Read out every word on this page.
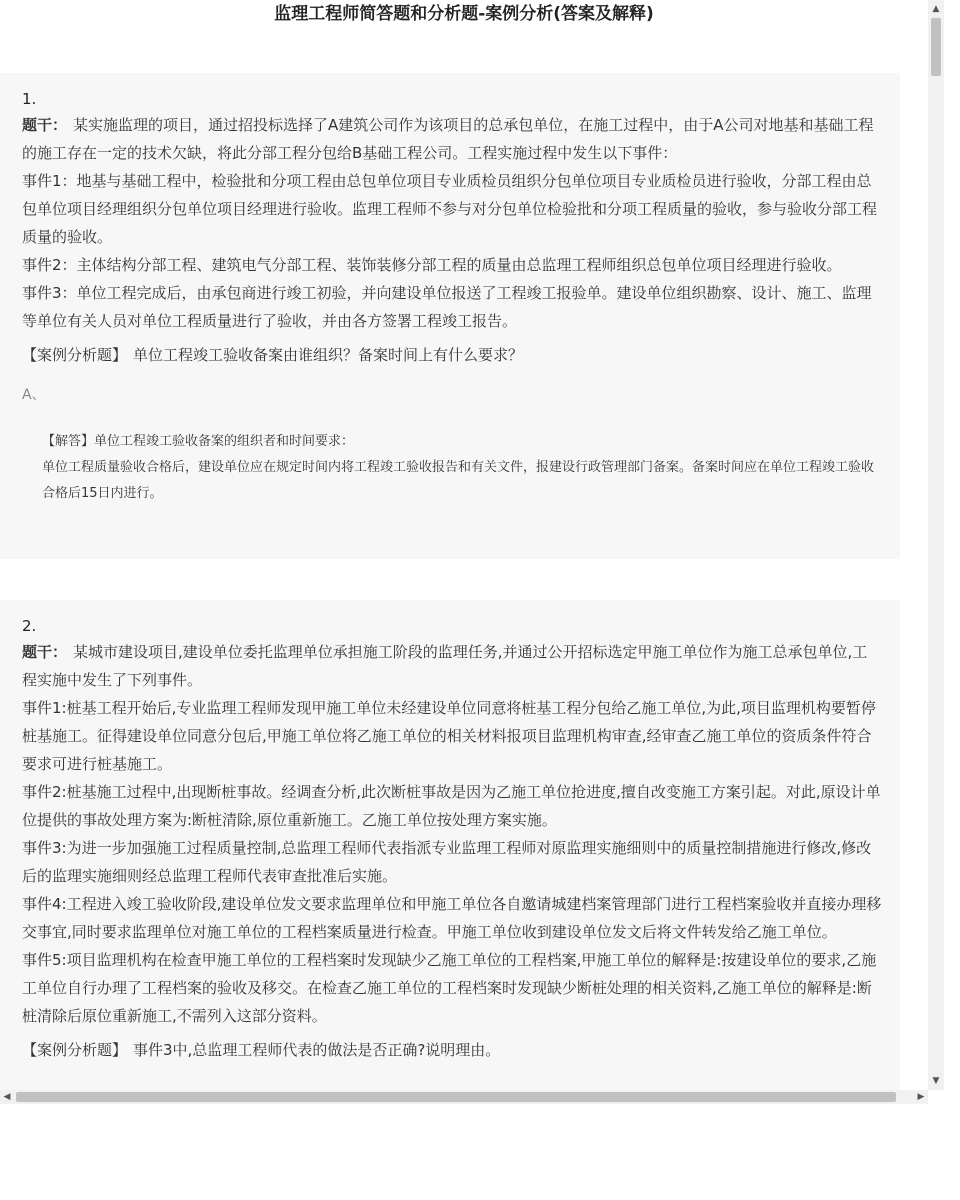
监理工程师简答题和分析题-案例分析(答案及解释)

1.

题干： 某实施监理的项目，通过招投标选择了A建筑公司作为该项目的总承包单位，在施工过程中，由于A公司对地基和基础工程的施工存在一定的技术欠缺，将此分部工程分包给B基础工程公司。工程实施过程中发生以下事件：

事件1：地基与基础工程中，检验批和分项工程由总包单位项目专业质检员组织分包单位项目专业质检员进行验收，分部工程由总包单位项目经理组织分包单位项目经理进行验收。监理工程师不参与对分包单位检验批和分项工程质量的验收，参与验收分部工程质量的验收。

事件2：主体结构分部工程、建筑电气分部工程、装饰装修分部工程的质量由总监理工程师组织总包单位项目经理进行验收。

事件3：单位工程完成后，由承包商进行竣工初验，并向建设单位报送了工程竣工报验单。建设单位组织勘察、设计、施工、监理等单位有关人员对单位工程质量进行了验收，并由各方签署工程竣工报告。

【案例分析题】 单位工程竣工验收备案由谁组织？备案时间上有什么要求？

A、

【解答】单位工程竣工验收备案的组织者和时间要求：

单位工程质量验收合格后，建设单位应在规定时间内将工程竣工验收报告和有关文件，报建设行政管理部门备案。备案时间应在单位工程竣工验收合格后15日内进行。

2.

题干： 某城市建设项目,建设单位委托监理单位承担施工阶段的监理任务,并通过公开招标选定甲施工单位作为施工总承包单位,工程实施中发生了下列事件。

事件1:桩基工程开始后,专业监理工程师发现甲施工单位未经建设单位同意将桩基工程分包给乙施工单位,为此,项目监理机构要暂停桩基施工。征得建设单位同意分包后,甲施工单位将乙施工单位的相关材料报项目监理机构审查,经审查乙施工单位的资质条件符合要求可进行桩基施工。

事件2:桩基施工过程中,出现断桩事故。经调查分析,此次断桩事故是因为乙施工单位抢进度,擅自改变施工方案引起。对此,原设计单位提供的事故处理方案为:断桩清除,原位重新施工。乙施工单位按处理方案实施。

事件3:为进一步加强施工过程质量控制,总监理工程师代表指派专业监理工程师对原监理实施细则中的质量控制措施进行修改,修改后的监理实施细则经总监理工程师代表审查批准后实施。

事件4:工程进入竣工验收阶段,建设单位发文要求监理单位和甲施工单位各自邀请城建档案管理部门进行工程档案验收并直接办理移交事宜,同时要求监理单位对施工单位的工程档案质量进行检查。甲施工单位收到建设单位发文后将文件转发给乙施工单位。

事件5:项目监理机构在检查甲施工单位的工程档案时发现缺少乙施工单位的工程档案,甲施工单位的解释是:按建设单位的要求,乙施工单位自行办理了工程档案的验收及移交。在检查乙施工单位的工程档案时发现缺少断桩处理的相关资料,乙施工单位的解释是:断桩清除后原位重新施工,不需列入这部分资料。

【案例分析题】 事件3中,总监理工程师代表的做法是否正确?说明理由。

▲
▼
◀	▶
